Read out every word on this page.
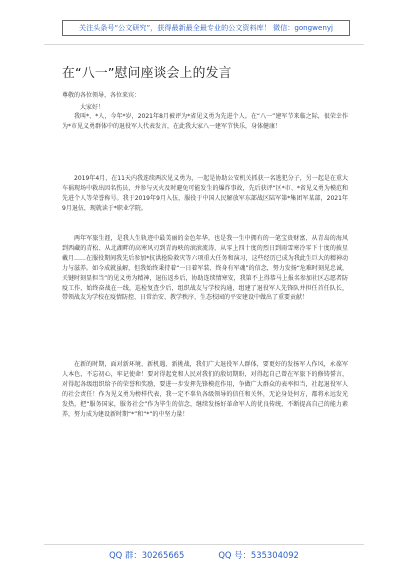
关注头条号“公文研究”，获得最新最全最专业的公文资料库！ 微信：gongwenyj
在“八一”慰问座谈会上的发言
尊敬的各位领导、各位来宾：
大家好！
我叫*、*人，今年*岁，2021年8月被评为*省见义勇为先进个人。在“八一”建军节来临之际，很荣幸作为*市见义勇群体中的退役军人代表发言，在此我大家八一建军节快乐，身体健康！
2019年4月，在11天内我连续两次见义勇为，一起是协助公安机关抓获一名逃犯分子，另一起是在重大车祸现场中救出因名伤员，并参与灭火及时避免可能发生的爆炸事故，先后获评“区*市、*省见义勇为模范和先进个人等荣誉称号。我于2019年9月入伍，服役于中国人民解放军东部战区陆军第*集团军某部，2021年9月退伍，现就读于*职业学院。
两年军旅生涯，是我人生轨迹中最美丽的金色年华，也是我一生中拥有的一笔宝贵财富，从青岛的海风到西藏的青松、从北湖畔的高寒风刃到青海峡的滚滚流涛、从零上四十度的烈日到雨雪寒冷零下十度的披星戴月……在服役期间我先后参加*抗洪抢险救灾等六项重大任务和演习，这些经历已成为我此生巨大的精神动力与滋养。如今成就虽解，但我始终秉持着“一日着军装、终身有军魂”的信念，努力发扬“危难时刻见忠诚，关键时刻显担当”的见义勇为精神，退伍返乡后，协助连续情寒安，我第不上得恭马上报名参加社区志愿者防疫工作，始终奋战在一线，巡检复查少后，组织战友与学校沟通，组建了退役军人先锋队并担任首任队长，带领战友为学校在疫情防控、日常治安、教学秩序、生态校园的平安建设中做出了重要贡献！
在新的时期，面对新环境、新机遇、新挑战，我们广大退役军人群体，要更好的发扬军人作风，永葆军人本色，不忘初心，牢记使命！要对得起党和人民对我们的殷切期盼，对得起自己曾在军旅下的修铸誓言，对得起各级组织给予的荣誉和奖励，要进一步发挥先锋模范作用，争做广大群众的表率担当，社起退役军人的社会责任！作为见义勇为榜样代表，我一定不辜负各级领导的信任和关怀，无论身处何方，都将永远发光发热，把“服务国家，服务社会”作为毕生的信念，继续发扬好革命军人的优良传统，不断提高自己的能力素养，努力成为建设新时期“*”和“*”的中坚力量！
QQ 群：30265665	QQ 号：535304092
